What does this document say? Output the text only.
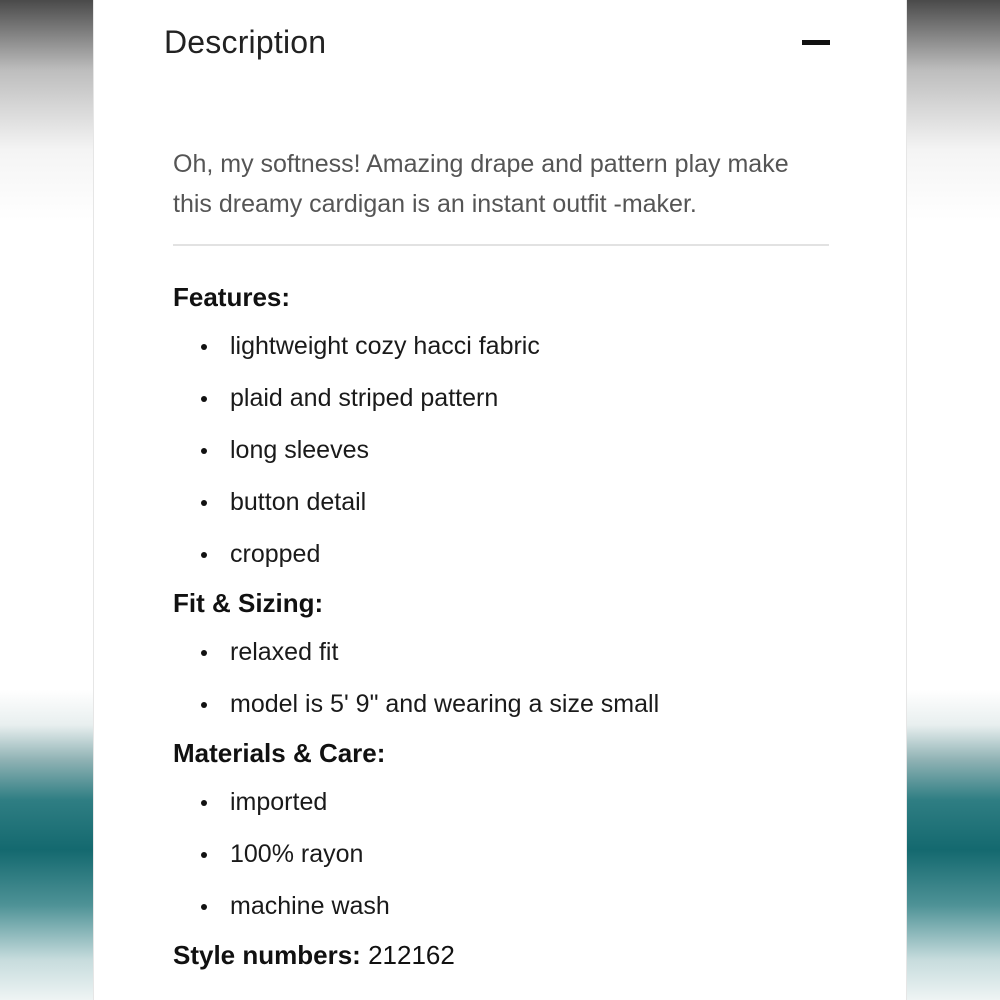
Description

Oh, my softness! Amazing drape and pattern play make this dreamy cardigan is an instant outfit -maker.

Features:
lightweight cozy hacci fabric
plaid and striped pattern
long sleeves
button detail
cropped
Fit & Sizing:
relaxed fit
model is 5' 9" and wearing a size small
Materials & Care:
imported
100% rayon
machine wash

Style numbers: 212162
